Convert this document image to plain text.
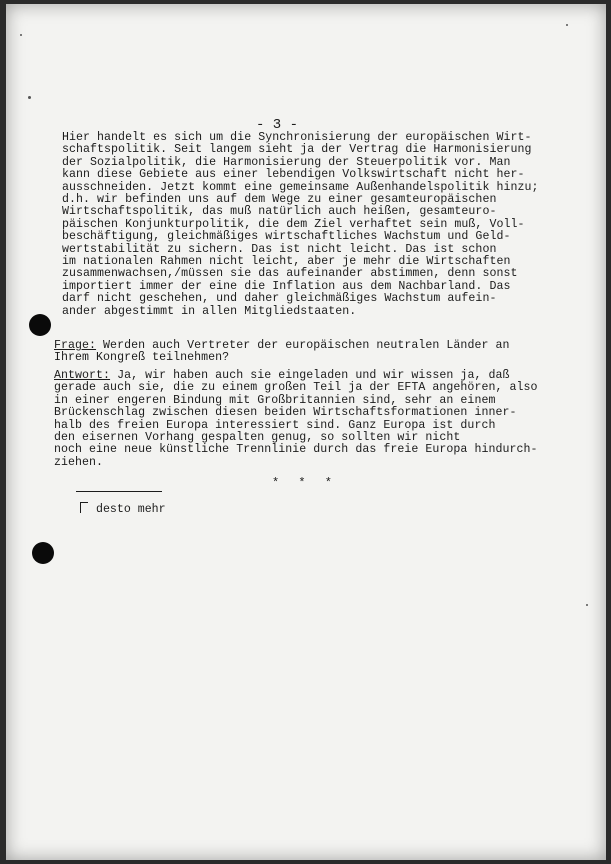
- 3 -
Hier handelt es sich um die Synchronisierung der europäischen Wirt-
schaftspolitik. Seit langem sieht ja der Vertrag die Harmonisierung
der Sozialpolitik, die Harmonisierung der Steuerpolitik vor. Man
kann diese Gebiete aus einer lebendigen Volkswirtschaft nicht her-
ausschneiden. Jetzt kommt eine gemeinsame Außenhandelspolitik hinzu;
d.h. wir befinden uns auf dem Wege zu einer gesamteuropäischen
Wirtschaftspolitik, das muß natürlich auch heißen, gesamteuro-
päischen Konjunkturpolitik, die dem Ziel verhaftet sein muß, Voll-
beschäftigung, gleichmäßiges wirtschaftliches Wachstum und Geld-
wertstabilität zu sichern. Das ist nicht leicht. Das ist schon
im nationalen Rahmen nicht leicht, aber je mehr die Wirtschaften
zusammenwachsen,/müssen sie das aufeinander abstimmen, denn sonst
importiert immer der eine die Inflation aus dem Nachbarland. Das
darf nicht geschehen, und daher gleichmäßiges Wachstum aufein-
ander abgestimmt in allen Mitgliedstaaten.
Frage: Werden auch Vertreter der europäischen neutralen Länder an
Ihrem Kongreß teilnehmen?
Antwort: Ja, wir haben auch sie eingeladen und wir wissen ja, daß
gerade auch sie, die zu einem großen Teil ja der EFTA angehören, also
in einer engeren Bindung mit Großbritannien sind, sehr an einem
Brückenschlag zwischen diesen beiden Wirtschaftsformationen inner-
halb des freien Europa interessiert sind. Ganz Europa ist durch
den eisernen Vorhang gespalten genug, so sollten wir nicht
noch eine neue künstliche Trennlinie durch das freie Europa hindurch-
ziehen.
* * *
desto mehr
